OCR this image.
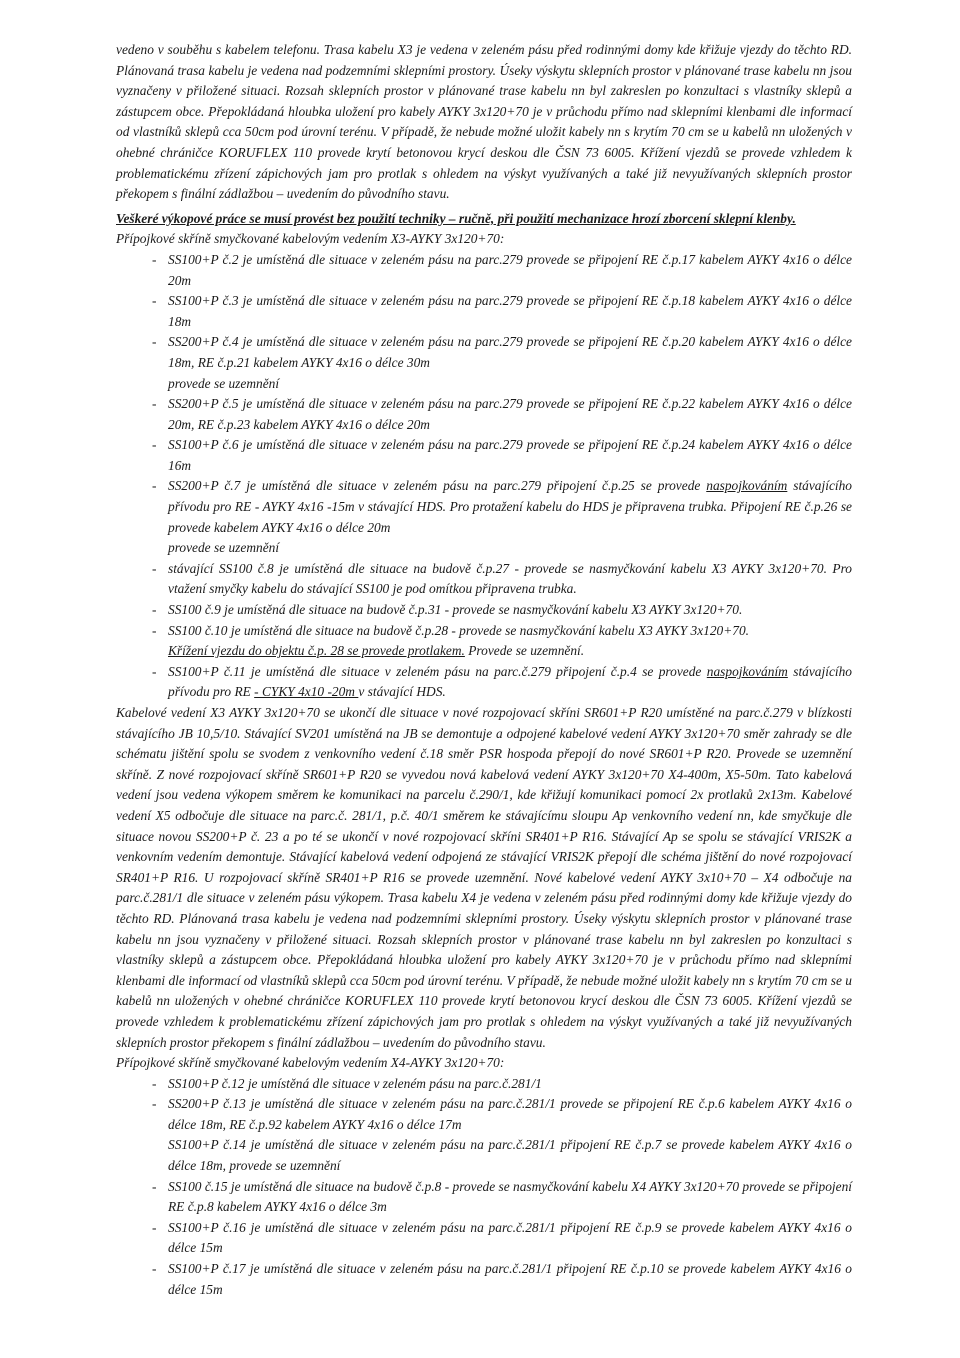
vedeno v souběhu s kabelem telefonu. Trasa kabelu X3 je vedena v zeleném pásu před rodinnými domy kde křižuje vjezdy do těchto RD. Plánovaná trasa kabelu je vedena nad podzemními sklepními prostory. Úseky výskytu sklepních prostor v plánované trase kabelu nn jsou vyznačeny v přiložené situaci. Rozsah sklepních prostor v plánované trase kabelu nn byl zakreslen po konzultaci s vlastníky sklepů a zástupcem obce. Přepokládaná hloubka uložení pro kabely AYKY 3x120+70 je v průchodu přímo nad sklepními klenbami dle informací od vlastníků sklepů cca 50cm pod úrovní terénu. V případě, že nebude možné uložit kabely nn s krytím 70 cm se u kabelů nn uložených v ohebné chráničce KORUFLEX 110 provede krytí betonovou krycí deskou dle ČSN 73 6005. Křížení vjezdů se provede vzhledem k problematickému zřízení zápichových jam pro protlak s ohledem na výskyt využívaných a také již nevyužívaných sklepních prostor překopem s finální zádlažbou – uvedením do původního stavu.

Veškeré výkopové práce se musí provést bez použití techniky – ručně, při použití mechanizace hrozí zborcení sklepní klenby.

Přípojkové skříně smyčkované kabelovým vedením X3-AYKY 3x120+70:

- SS100+P č.2 je umístěná dle situace v zeleném pásu na parc.279 provede se připojení RE č.p.17 kabelem AYKY 4x16 o délce 20m
- SS100+P č.3 je umístěná dle situace v zeleném pásu na parc.279 provede se připojení RE č.p.18 kabelem AYKY 4x16 o délce 18m
- SS200+P č.4 je umístěná dle situace v zeleném pásu na parc.279 provede se připojení RE č.p.20 kabelem AYKY 4x16 o délce 18m, RE č.p.21 kabelem AYKY 4x16 o délce 30m
provede se uzemnění
- SS200+P č.5 je umístěná dle situace v zeleném pásu na parc.279 provede se připojení RE č.p.22 kabelem AYKY 4x16 o délce 20m, RE č.p.23 kabelem AYKY 4x16 o délce 20m
- SS100+P č.6 je umístěná dle situace v zeleném pásu na parc.279 provede se připojení RE č.p.24 kabelem AYKY 4x16 o délce 16m
- SS200+P č.7 je umístěná dle situace v zeleném pásu na parc.279 připojení č.p.25 se provede naspojkováním stávajícího přívodu pro RE - AYKY 4x16 -15m v stávající HDS. Pro protažení kabelu do HDS je připravena trubka. Připojení RE č.p.26 se provede kabelem AYKY 4x16 o délce 20m
provede se uzemnění
- stávající SS100 č.8 je umístěná dle situace na budově č.p.27 - provede se nasmyčkování kabelu X3 AYKY 3x120+70. Pro vtažení smyčky kabelu do stávající SS100 je pod omítkou připravena trubka.
- SS100 č.9 je umístěná dle situace na budově č.p.31 - provede se nasmyčkování kabelu X3 AYKY 3x120+70.
- SS100 č.10 je umístěná dle situace na budově č.p.28 - provede se nasmyčkování kabelu X3 AYKY 3x120+70.
Křížení vjezdu do objektu č.p. 28 se provede protlakem. Provede se uzemnění.
- SS100+P č.11 je umístěná dle situace v zeleném pásu na parc.č.279 připojení č.p.4 se provede naspojkováním stávajícího přívodu pro RE - CYKY 4x10 -20m v stávající HDS.

Kabelové vedení X3 AYKY 3x120+70 se ukončí dle situace v nové rozpojovací skříni SR601+P R20 umístěné na parc.č.279 v blízkosti stávajícího JB 10,5/10. Stávající SV201 umístěná na JB se demontuje a odpojené kabelové vedení AYKY 3x120+70 směr zahrady se dle schématu jištění spolu se svodem z venkovního vedení č.18 směr PSR hospoda přepojí do nové SR601+P R20. Provede se uzemnění skříně. Z nové rozpojovací skříně SR601+P R20 se vyvedou nová kabelová vedení AYKY 3x120+70 X4-400m, X5-50m. Tato kabelová vedení jsou vedena výkopem směrem ke komunikaci na parcelu č.290/1, kde křižují komunikaci pomocí 2x protlaků 2x13m. Kabelové vedení X5 odbočuje dle situace na parc.č. 281/1, p.č. 40/1 směrem ke stávajícímu sloupu Ap venkovního vedení nn, kde smyčkuje dle situace novou SS200+P č. 23 a po té se ukončí v nové rozpojovací skříni SR401+P R16. Stávající Ap se spolu se stávající VRIS2K a venkovním vedením demontuje. Stávající kabelová vedení odpojená ze stávající VRIS2K přepojí dle schéma jištění do nové rozpojovací SR401+P R16. U rozpojovací skříně SR401+P R16 se provede uzemnění. Nové kabelové vedení AYKY 3x10+70 – X4 odbočuje na parc.č.281/1 dle situace v zeleném pásu výkopem. Trasa kabelu X4 je vedena v zeleném pásu před rodinnými domy kde křižuje vjezdy do těchto RD. Plánovaná trasa kabelu je vedena nad podzemními sklepními prostory. Úseky výskytu sklepních prostor v plánované trase kabelu nn jsou vyznačeny v přiložené situaci. Rozsah sklepních prostor v plánované trase kabelu nn byl zakreslen po konzultaci s vlastníky sklepů a zástupcem obce. Přepokládaná hloubka uložení pro kabely AYKY 3x120+70 je v průchodu přímo nad sklepními klenbami dle informací od vlastníků sklepů cca 50cm pod úrovní terénu. V případě, že nebude možné uložit kabely nn s krytím 70 cm se u kabelů nn uložených v ohebné chráničce KORUFLEX 110 provede krytí betonovou krycí deskou dle ČSN 73 6005. Křížení vjezdů se provede vzhledem k problematickému zřízení zápichových jam pro protlak s ohledem na výskyt využívaných a také již nevyužívaných sklepních prostor překopem s finální zádlažbou – uvedením do původního stavu.

Přípojkové skříně smyčkované kabelovým vedením X4-AYKY 3x120+70:

- SS100+P č.12 je umístěná dle situace v zeleném pásu na parc.č.281/1
- SS200+P č.13 je umístěná dle situace v zeleném pásu na parc.č.281/1 provede se připojení RE č.p.6 kabelem AYKY 4x16 o délce 18m, RE č.p.92 kabelem AYKY 4x16 o délce 17m
SS100+P č.14 je umístěná dle situace v zeleném pásu na parc.č.281/1 připojení RE č.p.7 se provede kabelem AYKY 4x16 o délce 18m, provede se uzemnění
- SS100 č.15 je umístěná dle situace na budově č.p.8 - provede se nasmyčkování kabelu X4 AYKY 3x120+70 provede se připojení RE č.p.8 kabelem AYKY 4x16 o délce 3m
- SS100+P č.16 je umístěná dle situace v zeleném pásu na parc.č.281/1 připojení RE č.p.9 se provede kabelem AYKY 4x16 o délce 15m
- SS100+P č.17 je umístěná dle situace v zeleném pásu na parc.č.281/1 připojení RE č.p.10 se provede kabelem AYKY 4x16 o délce 15m
